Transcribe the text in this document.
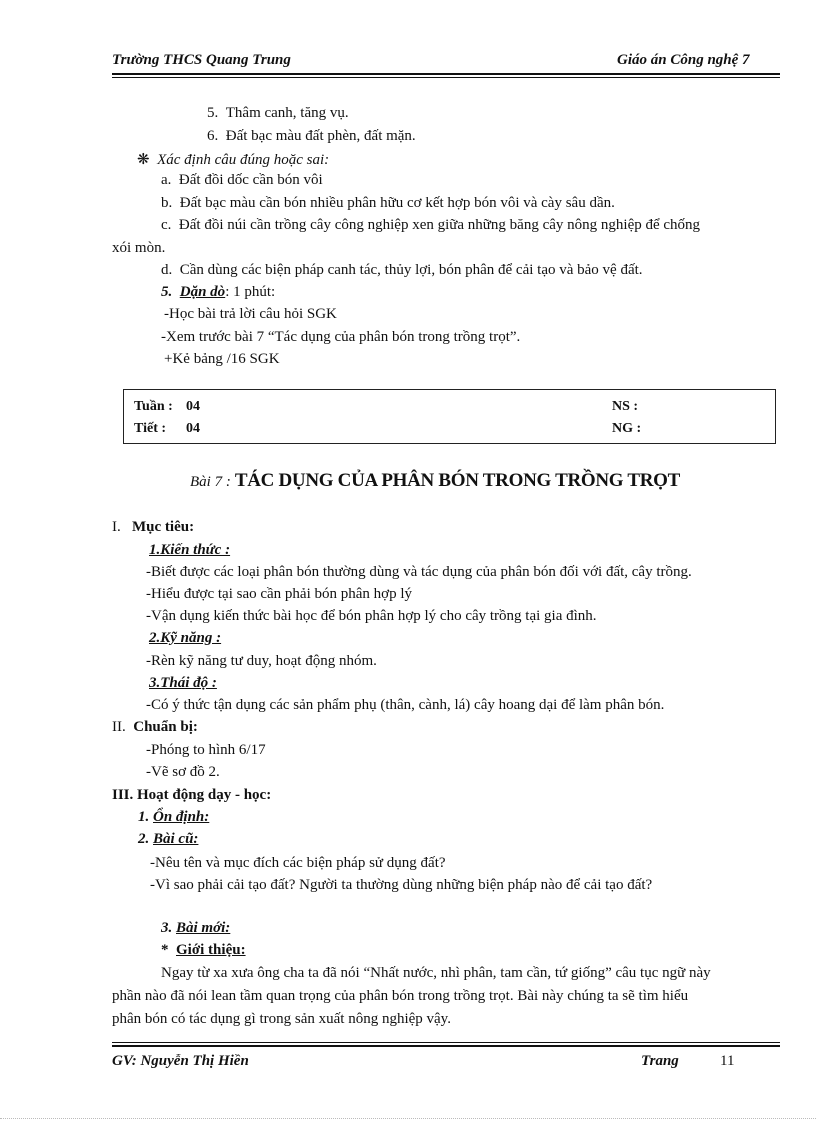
Trường THCS Quang Trung	Giáo án Công nghệ 7
5. Thâm canh, tăng vụ.
6. Đất bạc màu đất phèn, đất mặn.
❋ Xác định câu đúng hoặc sai:
a. Đất đồi dốc cần bón vôi
b. Đất bạc màu cần bón nhiều phân hữu cơ kết hợp bón vôi và cày sâu dần.
c. Đất đồi núi cần trồng cây công nghiệp xen giữa những băng cây nông nghiệp để chống
xói mòn.
d. Cần dùng các biện pháp canh tác, thủy lợi, bón phân để cải tạo và bảo vệ đất.
5. Dặn dò: 1 phút:
-Học bài trả lời câu hỏi SGK
-Xem trước bài 7 “Tác dụng của phân bón trong trồng trọt”.
+Kẻ bảng /16 SGK
Tuần : 04	NS :
Tiết : 04	NG :
Bài 7 : TÁC DỤNG CỦA PHÂN BÓN TRONG TRỒNG TRỌT
I. Mục tiêu:
1.Kiến thức :
-Biết được các loại phân bón thường dùng và tác dụng của phân bón đối với đất, cây trồng.
-Hiểu được tại sao cần phải bón phân hợp lý
-Vận dụng kiến thức bài học để bón phân hợp lý cho cây trồng tại gia đình.
2.Kỹ năng :
-Rèn kỹ năng tư duy, hoạt động nhóm.
3.Thái độ :
-Có ý thức tận dụng các sản phẩm phụ (thân, cành, lá) cây hoang dại để làm phân bón.
II. Chuẩn bị:
-Phóng to hình 6/17
-Vẽ sơ đồ 2.
III. Hoạt động dạy - học:
1. Ổn định:
2. Bài cũ:
-Nêu tên và mục đích các biện pháp sử dụng đất?
-Vì sao phải cải tạo đất? Người ta thường dùng những biện pháp nào để cải tạo đất?
3. Bài mới:
* Giới thiệu:
Ngay từ xa xưa ông cha ta đã nói “Nhất nước, nhì phân, tam cần, tứ giống” câu tục ngữ này
phần nào đã nói lean tầm quan trọng của phân bón trong trồng trọt. Bài này chúng ta sẽ tìm hiểu
phân bón có tác dụng gì trong sản xuất nông nghiệp vậy.
GV: Nguyễn Thị Hiền	Trang	11
